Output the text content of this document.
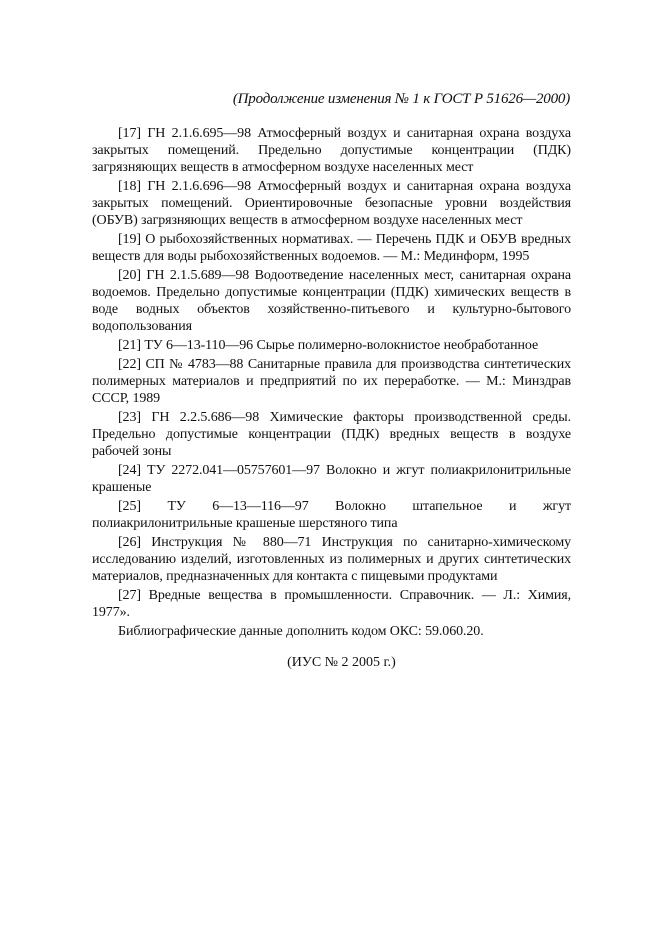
(Продолжение изменения № 1 к ГОСТ Р 51626—2000)

[17] ГН 2.1.6.695—98 Атмосферный воздух и санитарная охрана воздуха закрытых помещений. Предельно допустимые концентрации (ПДК) загрязняющих веществ в атмосферном воздухе населенных мест

[18] ГН 2.1.6.696—98 Атмосферный воздух и санитарная охрана воздуха закрытых помещений. Ориентировочные безопасные уровни воздействия (ОБУВ) загрязняющих веществ в атмосферном воздухе населенных мест

[19] О рыбохозяйственных нормативах. — Перечень ПДК и ОБУВ вредных веществ для воды рыбохозяйственных водоемов. — М.: Мединформ, 1995

[20] ГН 2.1.5.689—98 Водоотведение населенных мест, санитарная охрана водоемов. Предельно допустимые концентрации (ПДК) химических веществ в воде водных объектов хозяйственно-питьевого и культурно-бытового водопользования

[21] ТУ 6—13-110—96 Сырье полимерно-волокнистое необработанное

[22] СП № 4783—88 Санитарные правила для производства синтетических полимерных материалов и предприятий по их переработке. — М.: Минздрав СССР, 1989

[23] ГН 2.2.5.686—98 Химические факторы производственной среды. Предельно допустимые концентрации (ПДК) вредных веществ в воздухе рабочей зоны

[24] ТУ 2272.041—05757601—97 Волокно и жгут полиакрилонитрильные крашеные

[25] ТУ 6—13—116—97 Волокно штапельное и жгут полиакрилонитрильные крашеные шерстяного типа

[26] Инструкция № 880—71 Инструкция по санитарно-химическому исследованию изделий, изготовленных из полимерных и других синтетических материалов, предназначенных для контакта с пищевыми продуктами

[27] Вредные вещества в промышленности. Справочник. — Л.: Химия, 1977».

Библиографические данные дополнить кодом ОКС: 59.060.20.

(ИУС № 2 2005 г.)
